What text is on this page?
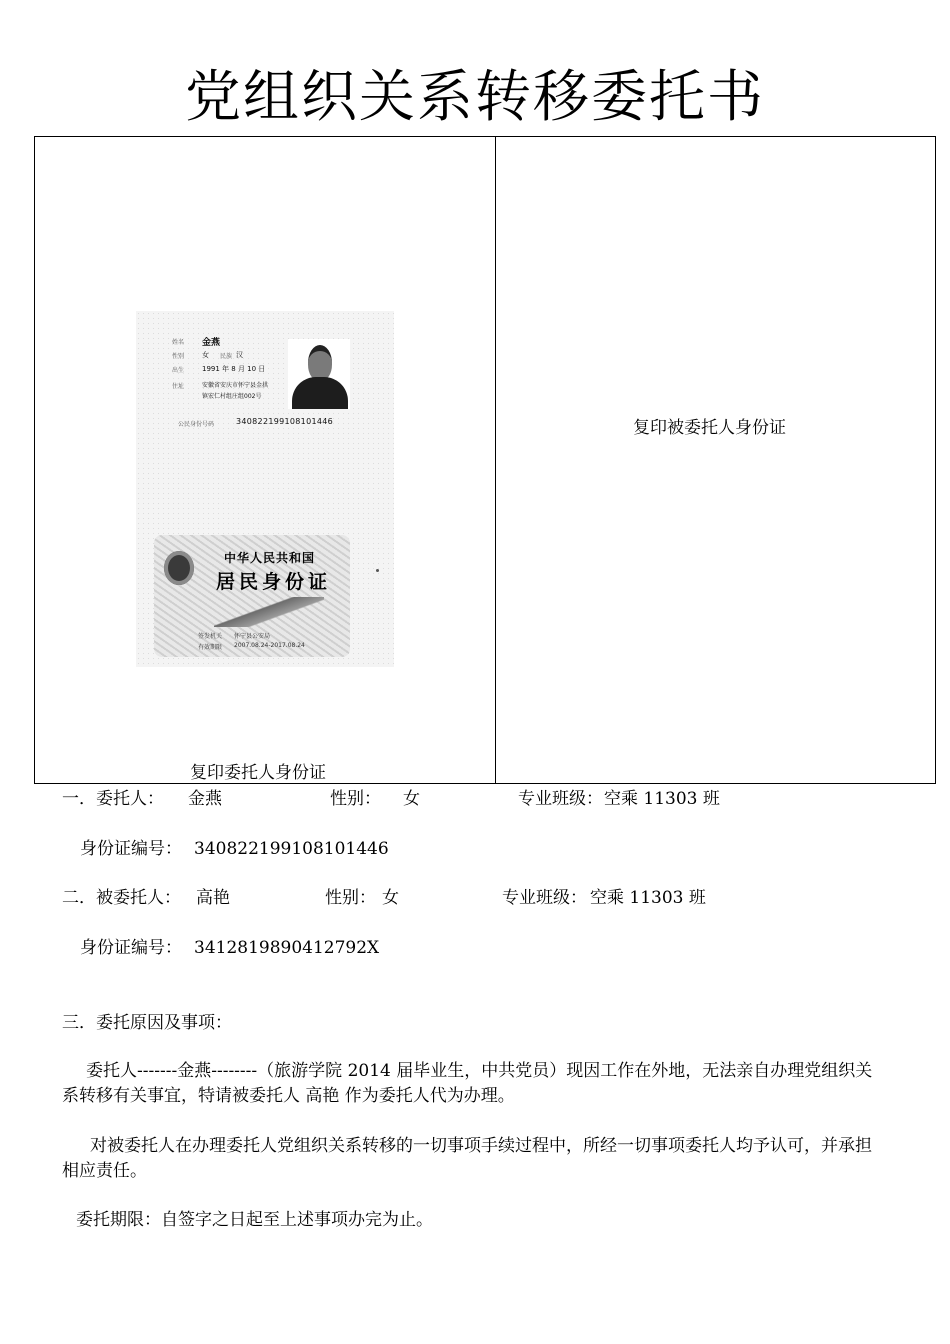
党组织关系转移委托书
姓名 金燕
性别	女 民族 汉
出生	1991 年 8 月 10 日
住址	安徽省安庆市怀宁县金拱
镇宏仁村组庄组002号
公民身份号码	340822199108101446
中华人民共和国
居民身份证
签发机关 怀宁县公安局
有效期限 2007.08.24-2017.08.24
复印委托人身份证
复印被委托人身份证
一．委托人： 金燕	性别： 女	专业班级： 空乘 11303 班
身份证编号： 340822199108101446
二．被委托人： 高艳	性别： 女	专业班级： 空乘 11303 班
身份证编号： 3412819890412792X
三．委托原因及事项：
委托人-------金燕--------（旅游学院 2014 届毕业生，中共党员）现因工作在外地，无法亲自办理党组织关系转移有关事宜，特请被委托人 高艳 作为委托人代为办理。
对被委托人在办理委托人党组织关系转移的一切事项手续过程中，所经一切事项委托人均予认可，并承担相应责任。
委托期限：自签字之日起至上述事项办完为止。
